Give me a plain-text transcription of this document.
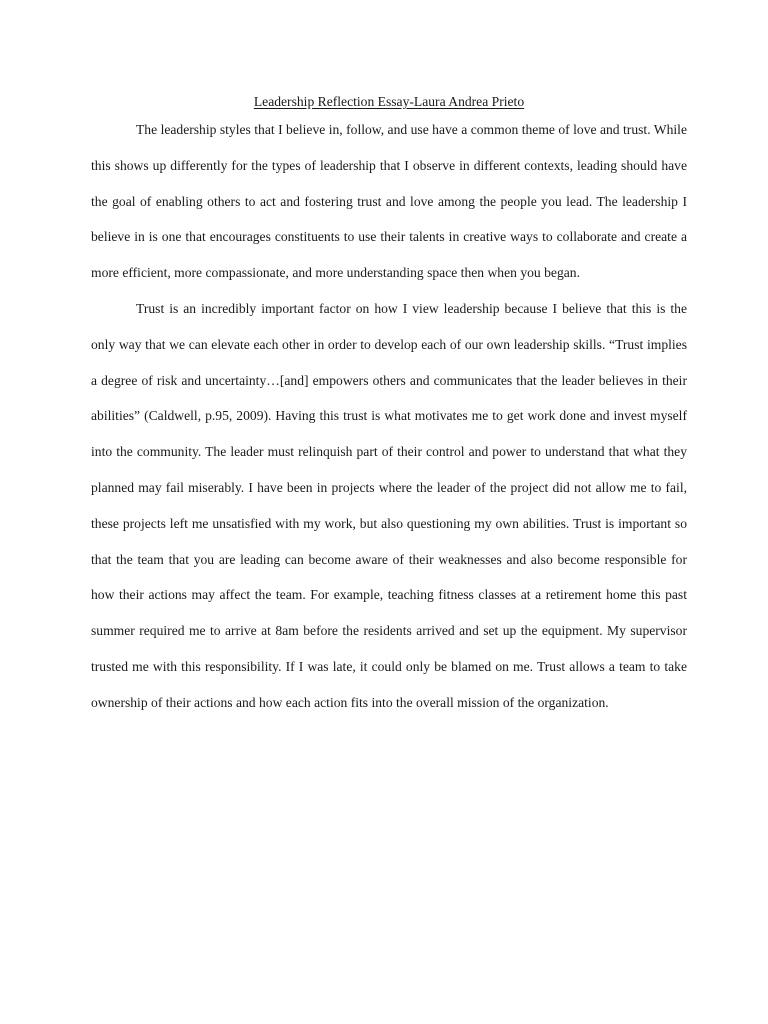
Leadership Reflection Essay-Laura Andrea Prieto

The leadership styles that I believe in, follow, and use have a common theme of love and trust. While this shows up differently for the types of leadership that I observe in different contexts, leading should have the goal of enabling others to act and fostering trust and love among the people you lead. The leadership I believe in is one that encourages constituents to use their talents in creative ways to collaborate and create a more efficient, more compassionate, and more understanding space then when you began.

Trust is an incredibly important factor on how I view leadership because I believe that this is the only way that we can elevate each other in order to develop each of our own leadership skills. “Trust implies a degree of risk and uncertainty…[and] empowers others and communicates that the leader believes in their abilities” (Caldwell, p.95, 2009). Having this trust is what motivates me to get work done and invest myself into the community. The leader must relinquish part of their control and power to understand that what they planned may fail miserably. I have been in projects where the leader of the project did not allow me to fail, these projects left me unsatisfied with my work, but also questioning my own abilities. Trust is important so that the team that you are leading can become aware of their weaknesses and also become responsible for how their actions may affect the team. For example, teaching fitness classes at a retirement home this past summer required me to arrive at 8am before the residents arrived and set up the equipment. My supervisor trusted me with this responsibility. If I was late, it could only be blamed on me. Trust allows a team to take ownership of their actions and how each action fits into the overall mission of the organization.
